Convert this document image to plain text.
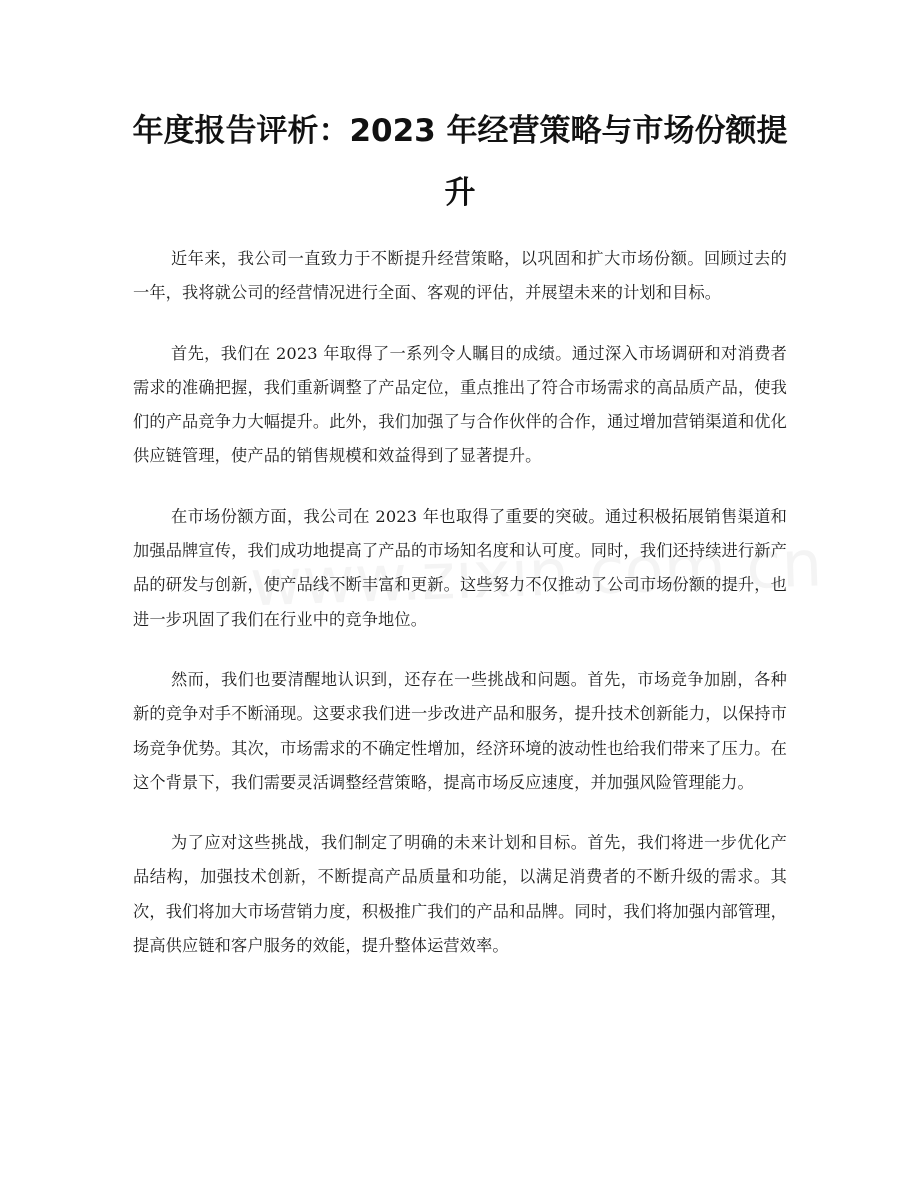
年度报告评析：2023 年经营策略与市场份额提升

近年来，我公司一直致力于不断提升经营策略，以巩固和扩大市场份额。回顾过去的一年，我将就公司的经营情况进行全面、客观的评估，并展望未来的计划和目标。

首先，我们在 2023 年取得了一系列令人瞩目的成绩。通过深入市场调研和对消费者需求的准确把握，我们重新调整了产品定位，重点推出了符合市场需求的高品质产品，使我们的产品竞争力大幅提升。此外，我们加强了与合作伙伴的合作，通过增加营销渠道和优化供应链管理，使产品的销售规模和效益得到了显著提升。

在市场份额方面，我公司在 2023 年也取得了重要的突破。通过积极拓展销售渠道和加强品牌宣传，我们成功地提高了产品的市场知名度和认可度。同时，我们还持续进行新产品的研发与创新，使产品线不断丰富和更新。这些努力不仅推动了公司市场份额的提升，也进一步巩固了我们在行业中的竞争地位。

然而，我们也要清醒地认识到，还存在一些挑战和问题。首先，市场竞争加剧，各种新的竞争对手不断涌现。这要求我们进一步改进产品和服务，提升技术创新能力，以保持市场竞争优势。其次，市场需求的不确定性增加，经济环境的波动性也给我们带来了压力。在这个背景下，我们需要灵活调整经营策略，提高市场反应速度，并加强风险管理能力。

为了应对这些挑战，我们制定了明确的未来计划和目标。首先，我们将进一步优化产品结构，加强技术创新，不断提高产品质量和功能，以满足消费者的不断升级的需求。其次，我们将加大市场营销力度，积极推广我们的产品和品牌。同时，我们将加强内部管理，提高供应链和客户服务的效能，提升整体运营效率。
